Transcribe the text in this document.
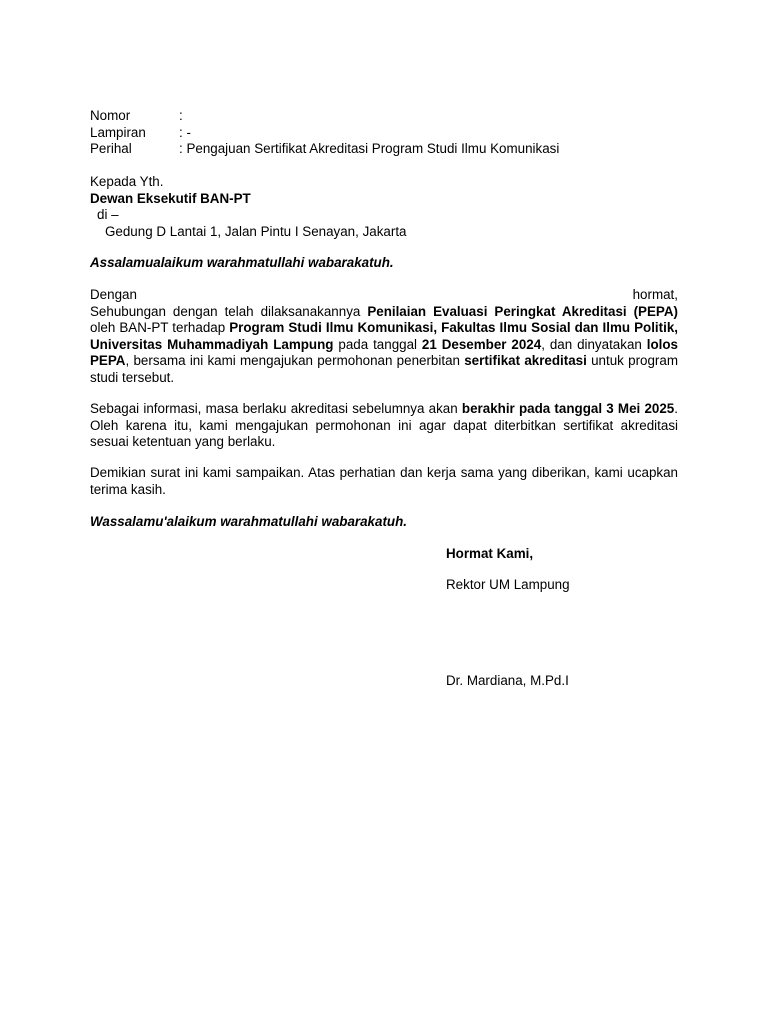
Nomor	:
Lampiran	: -
Perihal	: Pengajuan Sertifikat Akreditasi Program Studi Ilmu Komunikasi
Kepada Yth.
Dewan Eksekutif BAN-PT
di –
Gedung D Lantai 1, Jalan Pintu I Senayan, Jakarta
Assalamualaikum warahmatullahi wabarakatuh.
Dengan	hormat,
Sehubungan dengan telah dilaksanakannya Penilaian Evaluasi Peringkat Akreditasi (PEPA) oleh BAN-PT terhadap Program Studi Ilmu Komunikasi, Fakultas Ilmu Sosial dan Ilmu Politik, Universitas Muhammadiyah Lampung pada tanggal 21 Desember 2024, dan dinyatakan lolos PEPA, bersama ini kami mengajukan permohonan penerbitan sertifikat akreditasi untuk program studi tersebut.
Sebagai informasi, masa berlaku akreditasi sebelumnya akan berakhir pada tanggal 3 Mei 2025. Oleh karena itu, kami mengajukan permohonan ini agar dapat diterbitkan sertifikat akreditasi sesuai ketentuan yang berlaku.
Demikian surat ini kami sampaikan. Atas perhatian dan kerja sama yang diberikan, kami ucapkan terima kasih.
Wassalamu'alaikum warahmatullahi wabarakatuh.
Hormat Kami,
Rektor UM Lampung
Dr. Mardiana, M.Pd.I
